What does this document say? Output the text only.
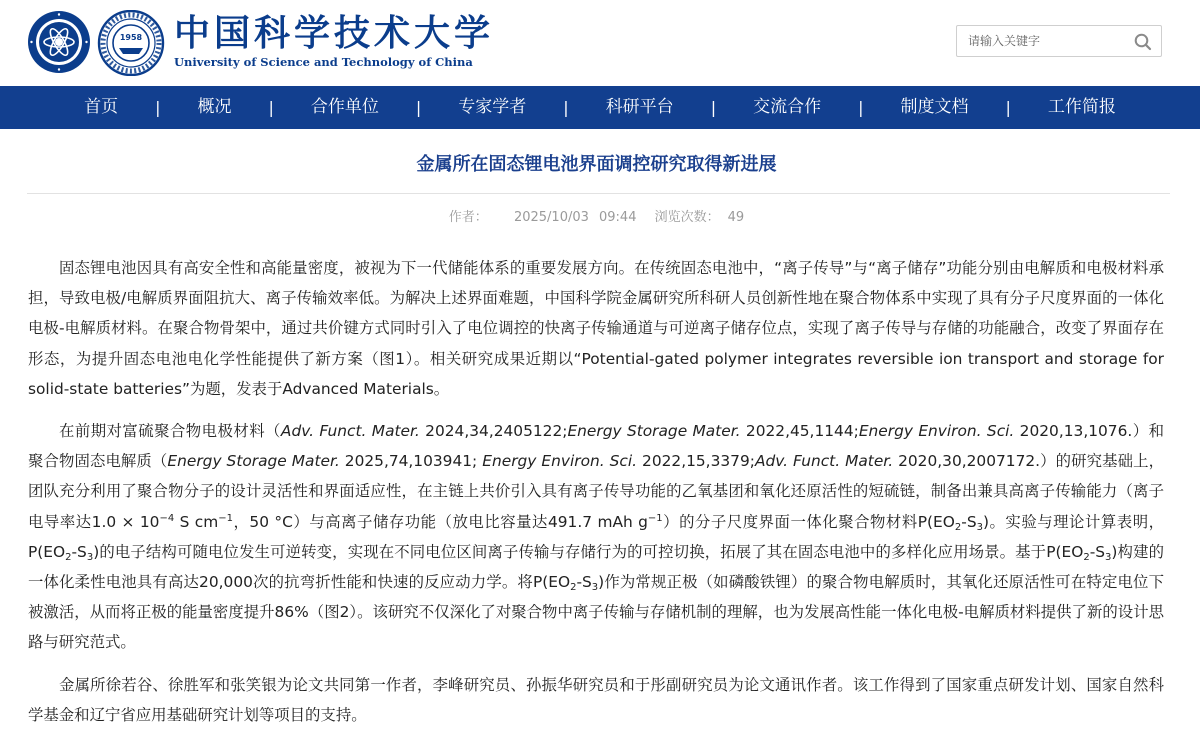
1958 中国科学技术大学
University of Science and Technology of China
请输入关键字
首页	|	概况	|	合作单位	|	专家学者	|	科研平台	|	交流合作	|	制度文档	|	工作简报
金属所在固态锂电池界面调控研究取得新进展
作者： 2025/10/03 09:44 浏览次数： 49

固态锂电池因具有高安全性和高能量密度，被视为下一代储能体系的重要发展方向。在传统固态电池中，“离子传导”与“离子储存”功能分别由电解质和电极材料承担，导致电极/电解质界面阻抗大、离子传输效率低。为解决上述界面难题，中国科学院金属研究所科研人员创新性地在聚合物体系中实现了具有分子尺度界面的一体化电极-电解质材料。在聚合物骨架中，通过共价键方式同时引入了电位调控的快离子传输通道与可逆离子储存位点，实现了离子传导与存储的功能融合，改变了界面存在形态，为提升固态电池电化学性能提供了新方案（图1）。相关研究成果近期以“Potential-gated polymer integrates reversible ion transport and storage for solid-state batteries”为题，发表于Advanced Materials。

在前期对富硫聚合物电极材料（Adv. Funct. Mater. 2024,34,2405122;Energy Storage Mater. 2022,45,1144;Energy Environ. Sci. 2020,13,1076.）和聚合物固态电解质（Energy Storage Mater. 2025,74,103941; Energy Environ. Sci. 2022,15,3379;Adv. Funct. Mater. 2020,30,2007172.）的研究基础上，团队充分利用了聚合物分子的设计灵活性和界面适应性，在主链上共价引入具有离子传导功能的乙氧基团和氧化还原活性的短硫链，制备出兼具高离子传输能力（离子电导率达$1.0 \times 10^{-4}$ S $cm^{-1}$，50 °C）与高离子储存功能（放电比容量达491.7 mAh $g^{-1}$）的分子尺度界面一体化聚合物材料$P(EO_2-S_3)$。实验与理论计算表明，$P(EO_2-S_3)$的电子结构可随电位发生可逆转变，实现在不同电位区间离子传输与存储行为的可控切换，拓展了其在固态电池中的多样化应用场景。基于$P(EO_2-S_3)$构建的一体化柔性电池具有高达20,000次的抗弯折性能和快速的反应动力学。将$P(EO_2-S_3)$作为常规正极（如磷酸铁锂）的聚合物电解质时，其氧化还原活性可在特定电位下被激活，从而将正极的能量密度提升86%（图2）。该研究不仅深化了对聚合物中离子传输与存储机制的理解，也为发展高性能一体化电极-电解质材料提供了新的设计思路与研究范式。

金属所徐若谷、徐胜军和张笑银为论文共同第一作者，李峰研究员、孙振华研究员和于彤副研究员为论文通讯作者。该工作得到了国家重点研发计划、国家自然科学基金和辽宁省应用基础研究计划等项目的支持。
